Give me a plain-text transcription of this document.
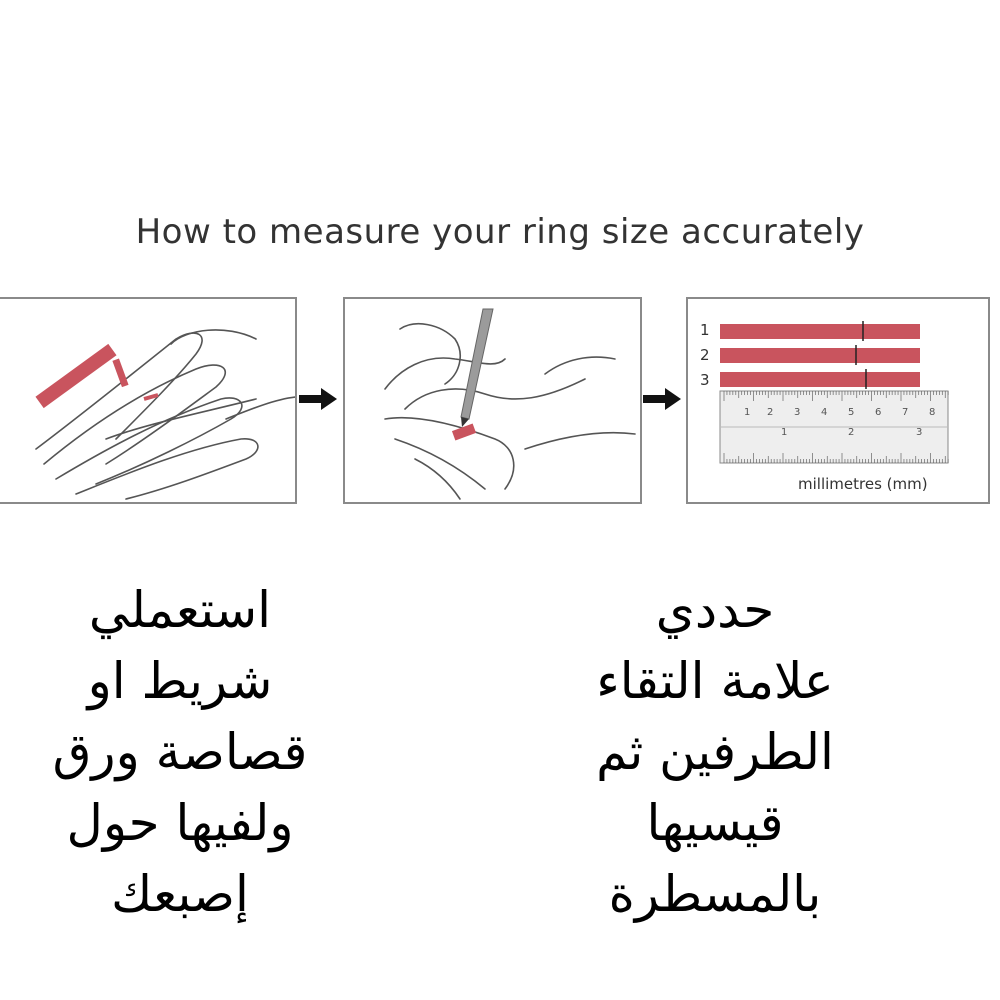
How to measure your ring size accurately
1
2
3
1 2 3 4 5 6 7 8
1	2	3
millimetres (mm)
استعملي
شريط او
قصاصة ورق
ولفيها حول
إصبعك
حددي
علامة التقاء
الطرفين ثم
قيسيها
بالمسطرة
